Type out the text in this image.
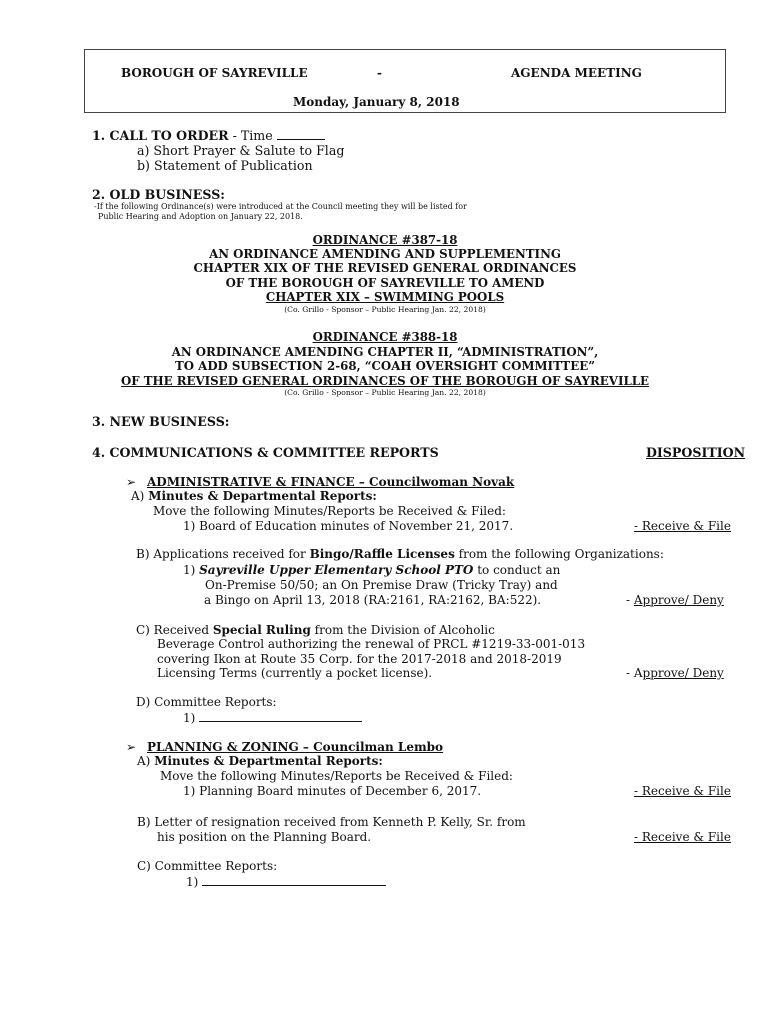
BOROUGH OF SAYREVILLE	-	AGENDA MEETING
Monday, January 8, 2018
1. CALL TO ORDER - Time
a) Short Prayer & Salute to Flag
b) Statement of Publication
2. OLD BUSINESS:
-If the following Ordinance(s) were introduced at the Council meeting they will be listed for
Public Hearing and Adoption on January 22, 2018.
ORDINANCE #387-18
AN ORDINANCE AMENDING AND SUPPLEMENTING
CHAPTER XIX OF THE REVISED GENERAL ORDINANCES
OF THE BOROUGH OF SAYREVILLE TO AMEND
CHAPTER XIX – SWIMMING POOLS
(Co. Grillo - Sponsor – Public Hearing Jan. 22, 2018)
ORDINANCE #388-18
AN ORDINANCE AMENDING CHAPTER II, “ADMINISTRATION”,
TO ADD SUBSECTION 2-68, “COAH OVERSIGHT COMMITTEE”
OF THE REVISED GENERAL ORDINANCES OF THE BOROUGH OF SAYREVILLE
(Co. Grillo - Sponsor – Public Hearing Jan. 22, 2018)
3. NEW BUSINESS:
4. COMMUNICATIONS & COMMITTEE REPORTS	DISPOSITION
➢ ADMINISTRATIVE & FINANCE – Councilwoman Novak
A) Minutes & Departmental Reports:
Move the following Minutes/Reports be Received & Filed:
1) Board of Education minutes of November 21, 2017.	- Receive & File
B) Applications received for Bingo/Raffle Licenses from the following Organizations:
1) Sayreville Upper Elementary School PTO to conduct an
On-Premise 50/50; an On Premise Draw (Tricky Tray) and
a Bingo on April 13, 2018 (RA:2161, RA:2162, BA:522).	- Approve/ Deny
C) Received Special Ruling from the Division of Alcoholic
Beverage Control authorizing the renewal of PRCL #1219-33-001-013
covering Ikon at Route 35 Corp. for the 2017-2018 and 2018-2019
Licensing Terms (currently a pocket license).	- Approve/ Deny
D) Committee Reports:
1)
➢ PLANNING & ZONING – Councilman Lembo
A) Minutes & Departmental Reports:
Move the following Minutes/Reports be Received & Filed:
1) Planning Board minutes of December 6, 2017.	- Receive & File
B) Letter of resignation received from Kenneth P. Kelly, Sr. from
his position on the Planning Board.	- Receive & File
C) Committee Reports:
1)
